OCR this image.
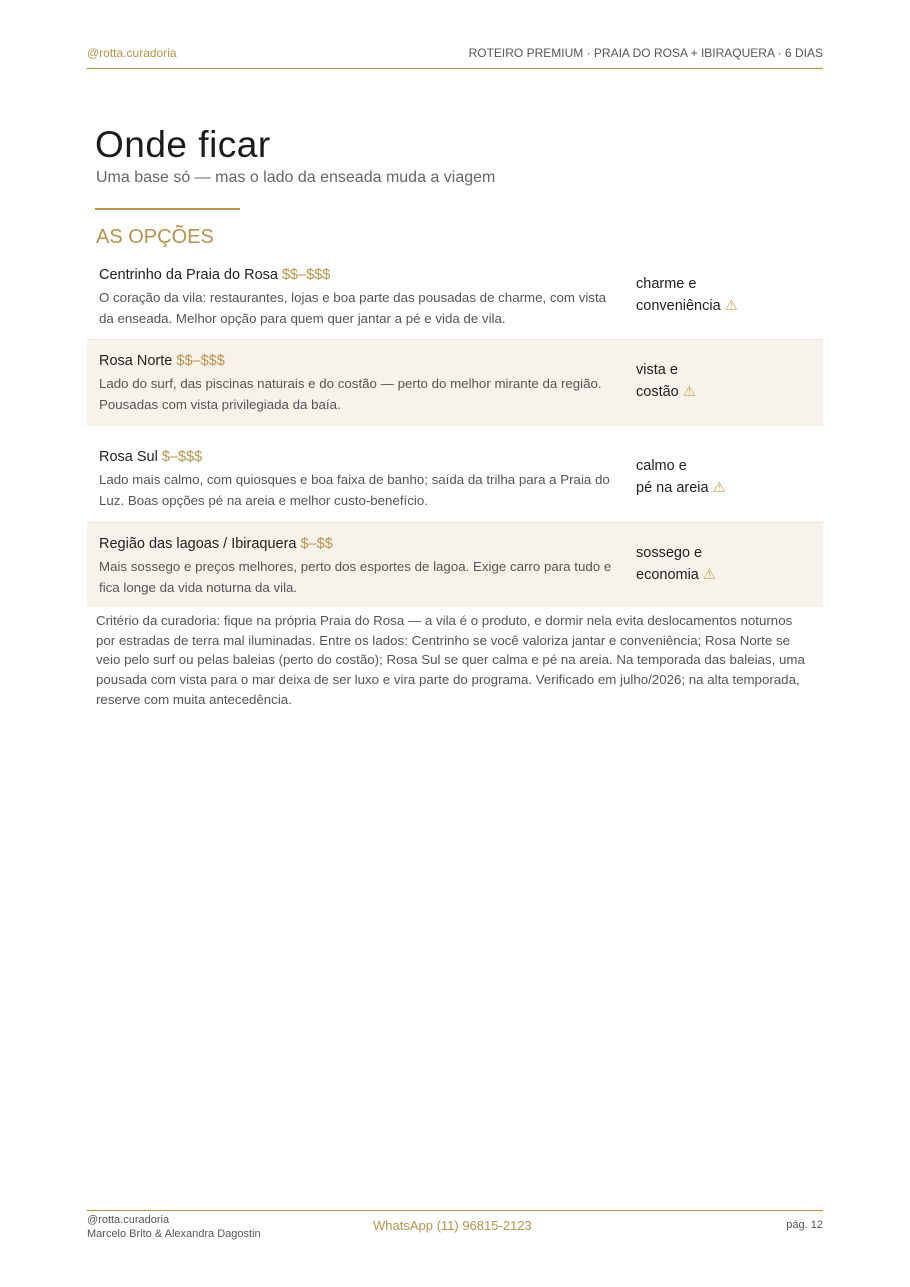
@rotta.curadoria	ROTEIRO PREMIUM · PRAIA DO ROSA + IBIRAQUERA · 6 DIAS
Onde ficar
Uma base só — mas o lado da enseada muda a viagem
AS OPÇÕES
Centrinho da Praia do Rosa $$–$$$
O coração da vila: restaurantes, lojas e boa parte das pousadas de charme, com vista da enseada. Melhor opção para quem quer jantar a pé e vida de vila.
charme e
conveniência ⚠
Rosa Norte $$–$$$
Lado do surf, das piscinas naturais e do costão — perto do melhor mirante da região. Pousadas com vista privilegiada da baía.
vista e
costão ⚠
Rosa Sul $–$$$
Lado mais calmo, com quiosques e boa faixa de banho; saída da trilha para a Praia do Luz. Boas opções pé na areia e melhor custo-benefício.
calmo e
pé na areia ⚠
Região das lagoas / Ibiraquera $–$$
Mais sossego e preços melhores, perto dos esportes de lagoa. Exige carro para tudo e fica longe da vida noturna da vila.
sossego e
economia ⚠
Critério da curadoria: fique na própria Praia do Rosa — a vila é o produto, e dormir nela evita deslocamentos noturnos por estradas de terra mal iluminadas. Entre os lados: Centrinho se você valoriza jantar e conveniência; Rosa Norte se veio pelo surf ou pelas baleias (perto do costão); Rosa Sul se quer calma e pé na areia. Na temporada das baleias, uma pousada com vista para o mar deixa de ser luxo e vira parte do programa. Verificado em julho/2026; na alta temporada, reserve com muita antecedência.
@rotta.curadoria
Marcelo Brito & Alexandra Dagostin
WhatsApp (11) 96815-2123	pág. 12
